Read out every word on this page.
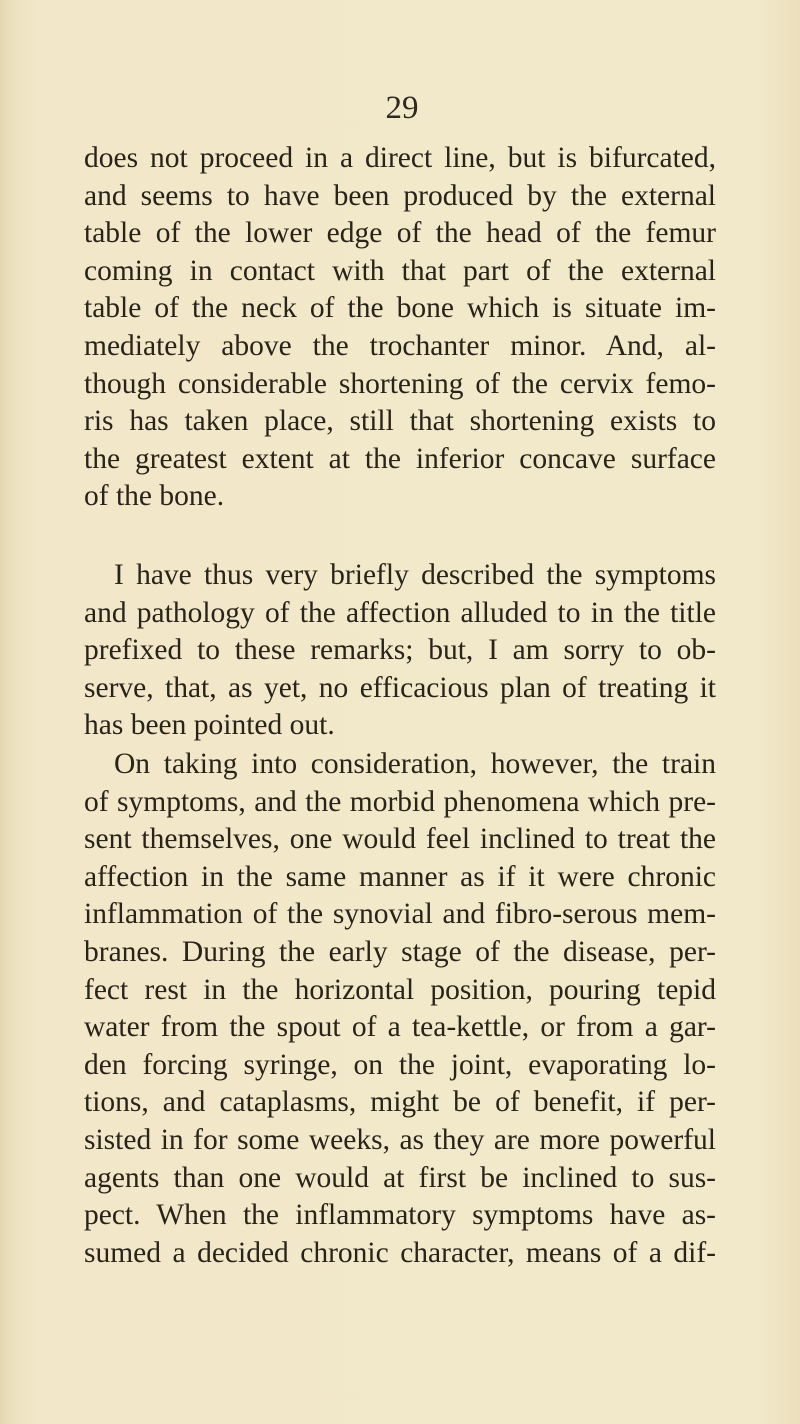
29

does not proceed in a direct line, but is bifurcated,
and seems to have been produced by the external
table of the lower edge of the head of the femur
coming in contact with that part of the external
table of the neck of the bone which is situate im-
mediately above the trochanter minor. And, al-
though considerable shortening of the cervix femo-
ris has taken place, still that shortening exists to
the greatest extent at the inferior concave surface
of the bone.

I have thus very briefly described the symptoms
and pathology of the affection alluded to in the title
prefixed to these remarks; but, I am sorry to ob-
serve, that, as yet, no efficacious plan of treating it
has been pointed out.

On taking into consideration, however, the train
of symptoms, and the morbid phenomena which pre-
sent themselves, one would feel inclined to treat the
affection in the same manner as if it were chronic
inflammation of the synovial and fibro-serous mem-
branes. During the early stage of the disease, per-
fect rest in the horizontal position, pouring tepid
water from the spout of a tea-kettle, or from a gar-
den forcing syringe, on the joint, evaporating lo-
tions, and cataplasms, might be of benefit, if per-
sisted in for some weeks, as they are more powerful
agents than one would at first be inclined to sus-
pect. When the inflammatory symptoms have as-
sumed a decided chronic character, means of a dif-
